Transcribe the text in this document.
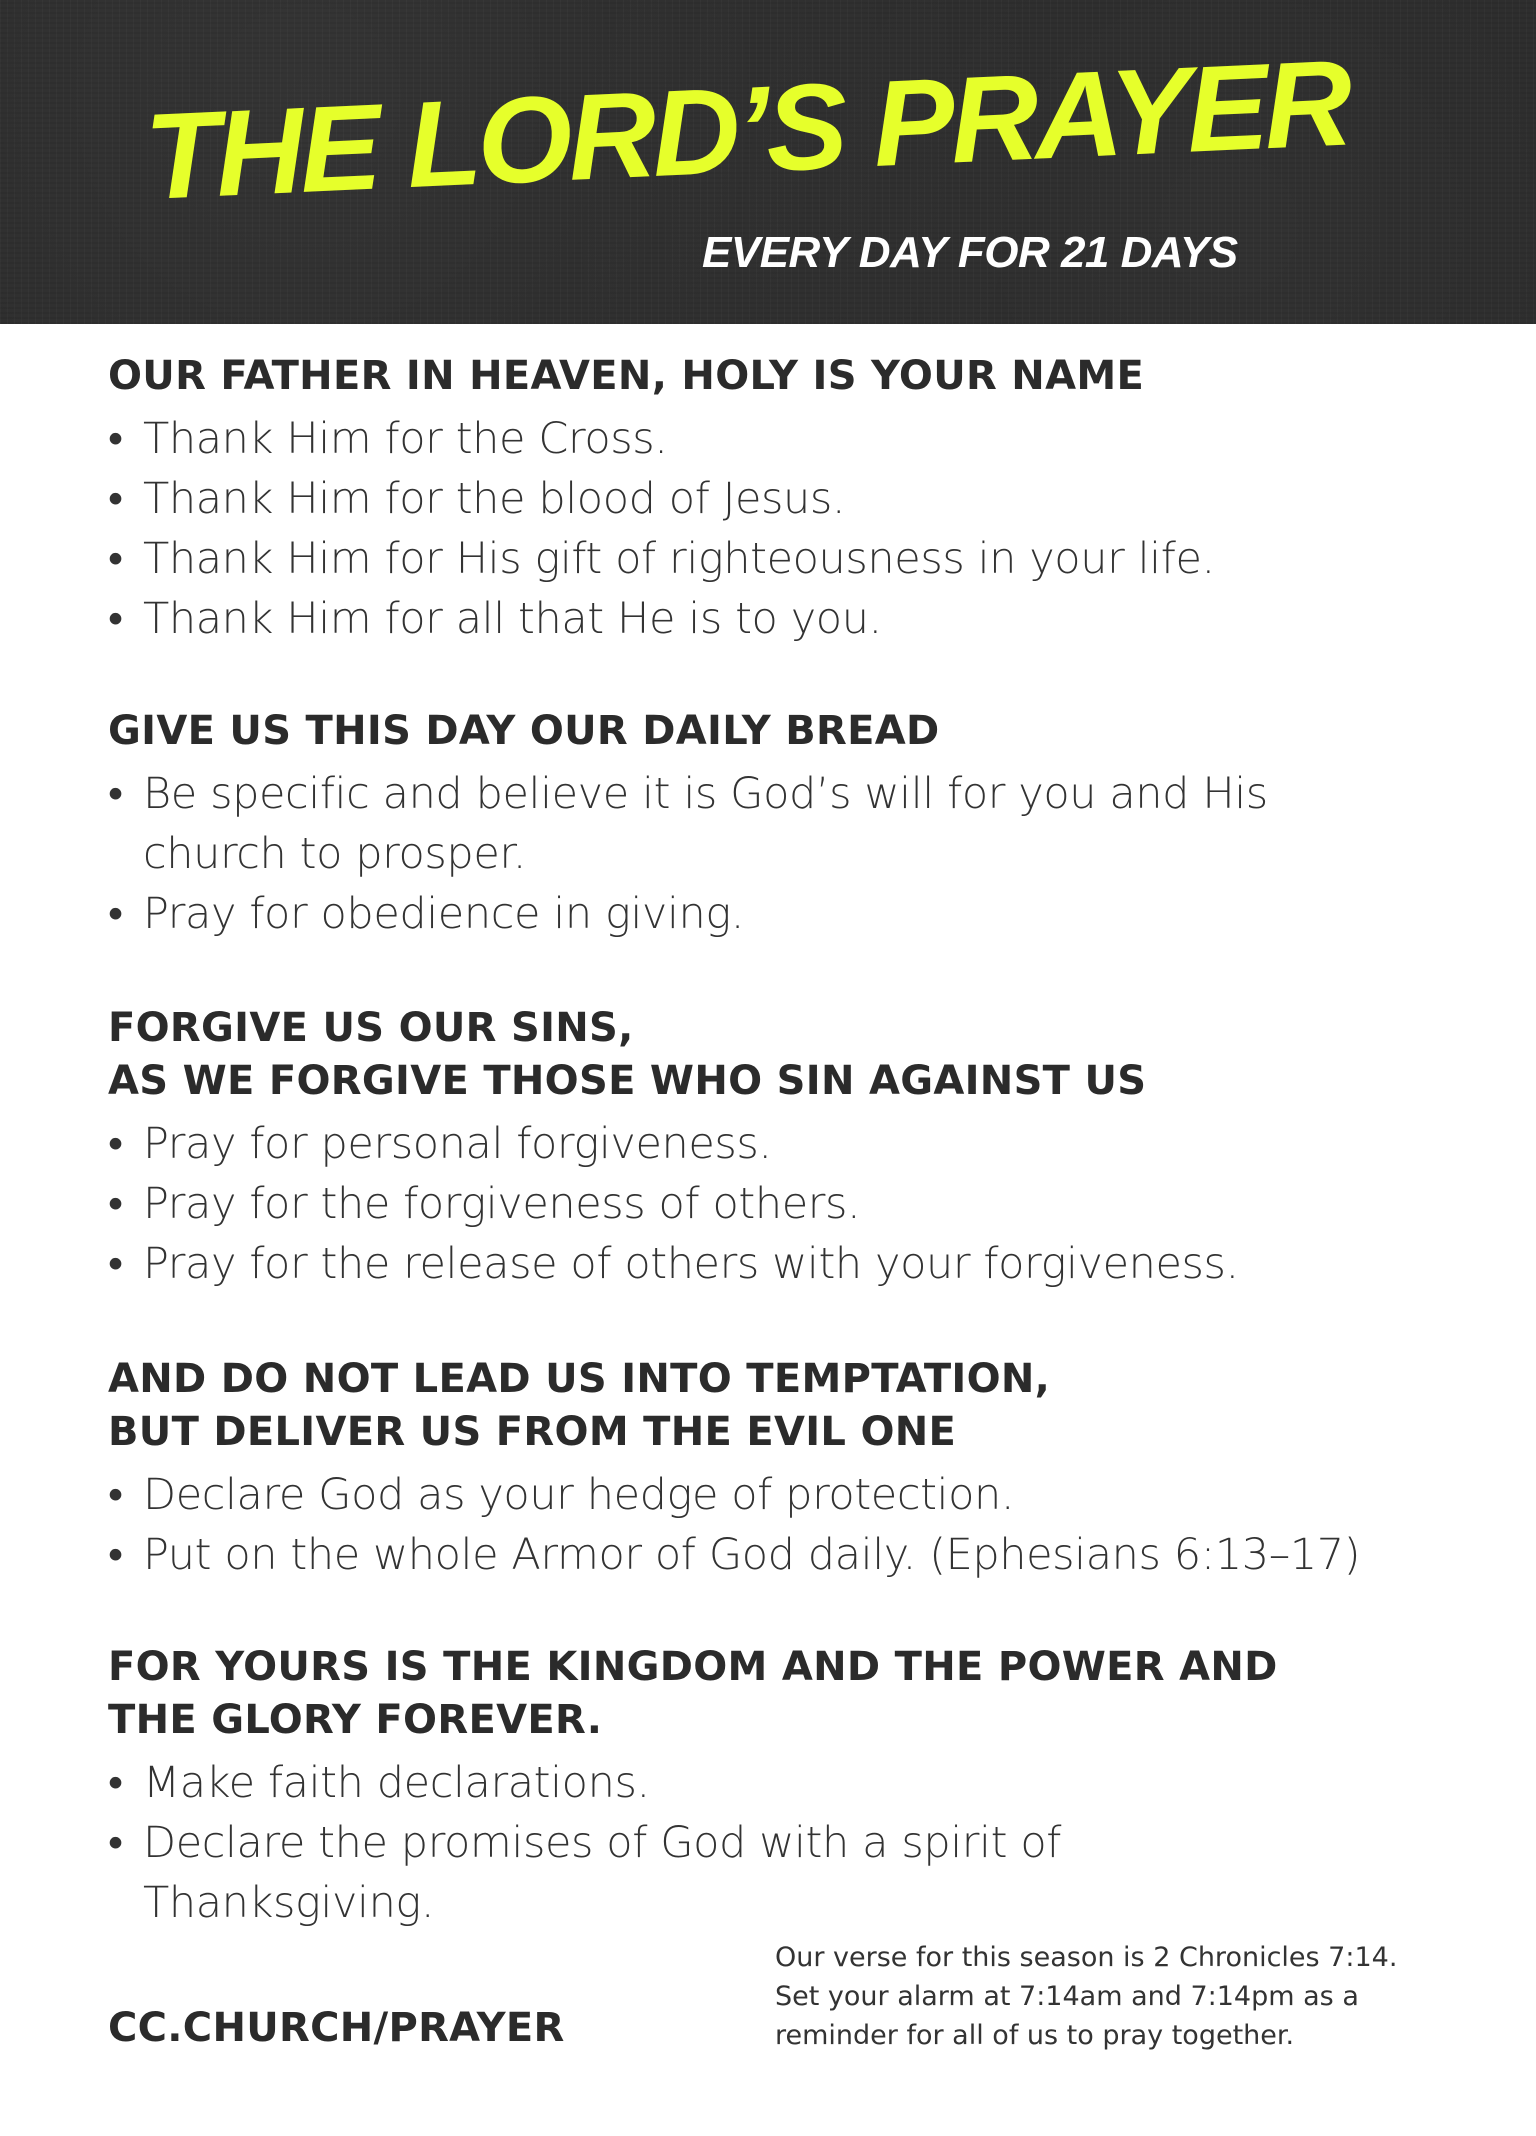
THE LORD’S PRAYER

EVERY DAY FOR 21 DAYS

OUR FATHER IN HEAVEN, HOLY IS YOUR NAME
• Thank Him for the Cross.
• Thank Him for the blood of Jesus.
• Thank Him for His gift of righteousness in your life.
• Thank Him for all that He is to you.
GIVE US THIS DAY OUR DAILY BREAD
• Be specific and believe it is God’s will for you and His church to prosper.
• Pray for obedience in giving.
FORGIVE US OUR SINS,
AS WE FORGIVE THOSE WHO SIN AGAINST US
• Pray for personal forgiveness.
• Pray for the forgiveness of others.
• Pray for the release of others with your forgiveness.
AND DO NOT LEAD US INTO TEMPTATION,
BUT DELIVER US FROM THE EVIL ONE
• Declare God as your hedge of protection.
• Put on the whole Armor of God daily. (Ephesians 6:13–17)
FOR YOURS IS THE KINGDOM AND THE POWER AND
THE GLORY FOREVER.
• Make faith declarations.
• Declare the promises of God with a spirit of Thanksgiving.

CC.CHURCH/PRAYER

Our verse for this season is 2 Chronicles 7:14.
Set your alarm at 7:14am and 7:14pm as a
reminder for all of us to pray together.
